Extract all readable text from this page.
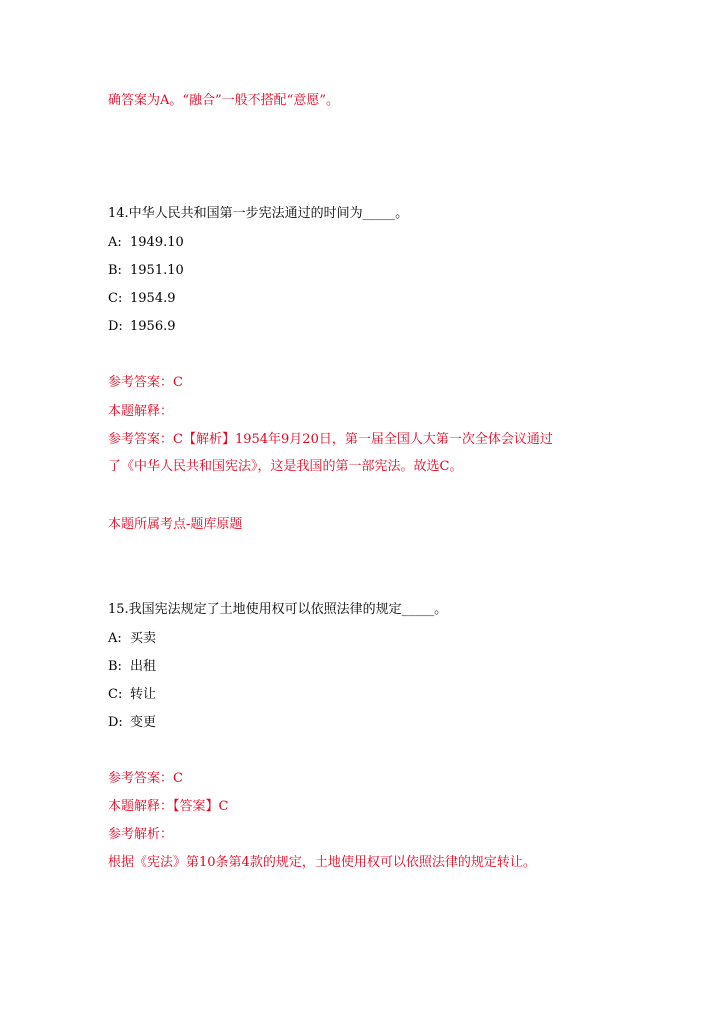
确答案为A。“融合”一般不搭配“意愿”。
14.中华人民共和国第一步宪法通过的时间为_____。
A: 1949.10
B: 1951.10
C: 1954.9
D: 1956.9
参考答案：C
本题解释：
参考答案：C【解析】1954年9月20日，第一届全国人大第一次全体会议通过
了《中华人民共和国宪法》，这是我国的第一部宪法。故选C。
本题所属考点-题库原题
15.我国宪法规定了土地使用权可以依照法律的规定_____。
A: 买卖
B: 出租
C: 转让
D: 变更
参考答案：C
本题解释：【答案】C
参考解析：
根据《宪法》第10条第4款的规定，土地使用权可以依照法律的规定转让。
